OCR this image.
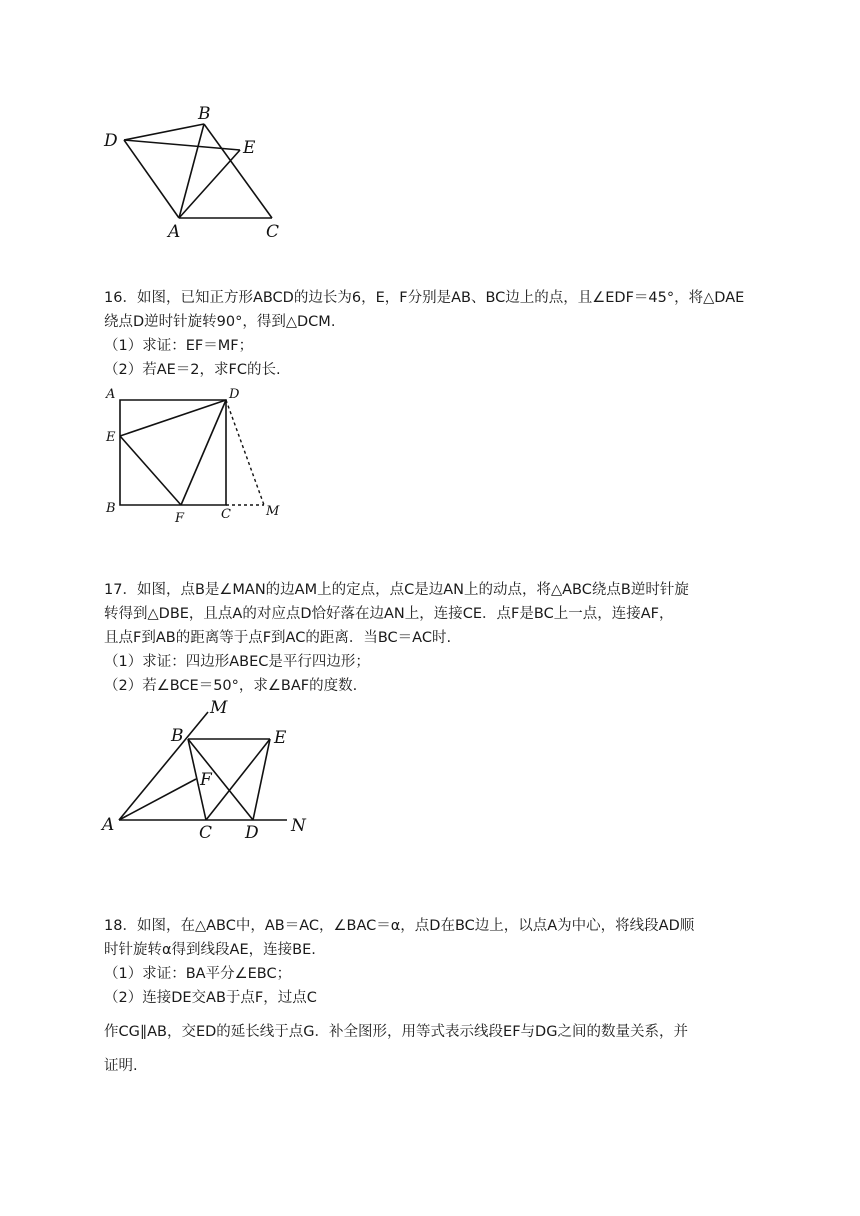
B
D	E
A	C
16．如图，已知正方形ABCD的边长为6，E，F分别是AB、BC边上的点，且∠EDF＝45°，将△DAE
绕点D逆时针旋转90°，得到△DCM.
（1）求证：EF＝MF；
（2）若AE＝2，求FC的长.
A	D
E
B
F	C	M
17．如图，点B是∠MAN的边AM上的定点，点C是边AN上的动点，将△ABC绕点B逆时针旋
转得到△DBE，且点A的对应点D恰好落在边AN上，连接CE．点F是BC上一点，连接AF，
且点F到AB的距离等于点F到AC的距离．当BC＝AC时.
（1）求证：四边形ABEC是平行四边形；
（2）若∠BCE＝50°，求∠BAF的度数.
M
B	E
F
A	C D N
18．如图，在△ABC中，AB＝AC，∠BAC＝α，点D在BC边上，以点A为中心，将线段AD顺
时针旋转α得到线段AE，连接BE.
（1）求证：BA平分∠EBC；
（2）连接DE交AB于点F，过点C
作CG∥AB，交ED的延长线于点G．补全图形，用等式表示线段EF与DG之间的数量关系，并
证明.
